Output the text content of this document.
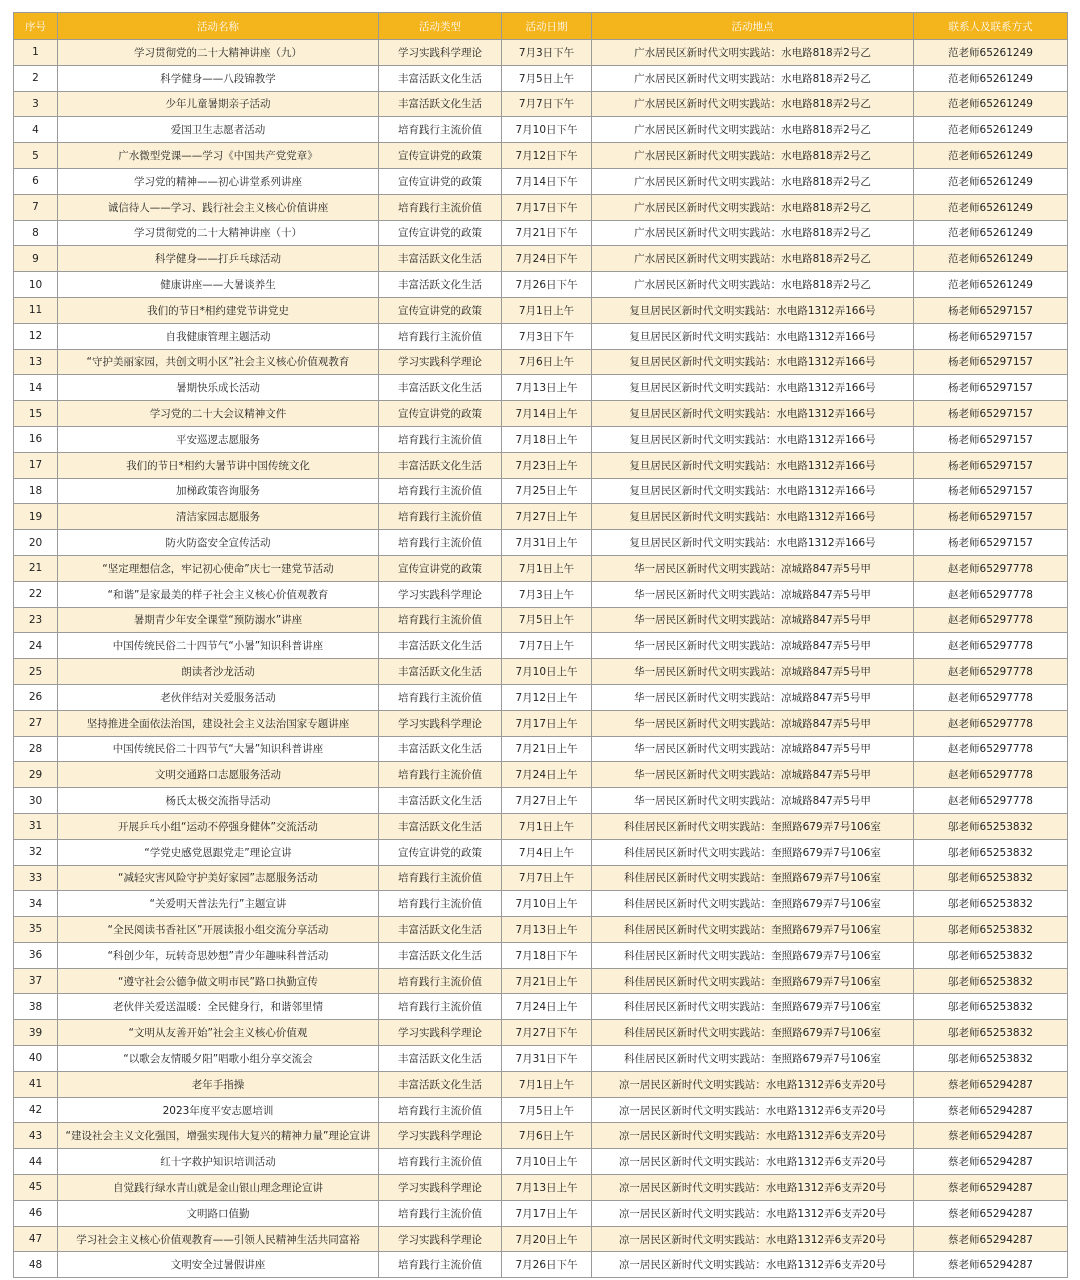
序号	活动名称	活动类型	活动日期	活动地点	联系人及联系方式
1	学习贯彻党的二十大精神讲座（九）	学习实践科学理论	7月3日下午	广水居民区新时代文明实践站：水电路818弄2号乙	范老师65261249
2	科学健身——八段锦教学	丰富活跃文化生活	7月5日上午	广水居民区新时代文明实践站：水电路818弄2号乙	范老师65261249
3	少年儿童暑期亲子活动	丰富活跃文化生活	7月7日下午	广水居民区新时代文明实践站：水电路818弄2号乙	范老师65261249
4	爱国卫生志愿者活动	培育践行主流价值	7月10日下午	广水居民区新时代文明实践站：水电路818弄2号乙	范老师65261249
5	广水微型党课——学习《中国共产党党章》	宣传宣讲党的政策	7月12日下午	广水居民区新时代文明实践站：水电路818弄2号乙	范老师65261249
6	学习党的精神——初心讲堂系列讲座	宣传宣讲党的政策	7月14日下午	广水居民区新时代文明实践站：水电路818弄2号乙	范老师65261249
7	诚信待人——学习、践行社会主义核心价值讲座	培育践行主流价值	7月17日下午	广水居民区新时代文明实践站：水电路818弄2号乙	范老师65261249
8	学习贯彻党的二十大精神讲座（十）	宣传宣讲党的政策	7月21日下午	广水居民区新时代文明实践站：水电路818弄2号乙	范老师65261249
9	科学健身——打乒乓球活动	丰富活跃文化生活	7月24日下午	广水居民区新时代文明实践站：水电路818弄2号乙	范老师65261249
10	健康讲座——大暑谈养生	丰富活跃文化生活	7月26日下午	广水居民区新时代文明实践站：水电路818弄2号乙	范老师65261249
11	我们的节日*相约建党节讲党史	宣传宣讲党的政策	7月1日上午	复旦居民区新时代文明实践站：水电路1312弄166号	杨老师65297157
12	自我健康管理主题活动	培育践行主流价值	7月3日下午	复旦居民区新时代文明实践站：水电路1312弄166号	杨老师65297157
13	“守护美丽家园，共创文明小区”社会主义核心价值观教育	学习实践科学理论	7月6日上午	复旦居民区新时代文明实践站：水电路1312弄166号	杨老师65297157
14	暑期快乐成长活动	丰富活跃文化生活	7月13日上午	复旦居民区新时代文明实践站：水电路1312弄166号	杨老师65297157
15	学习党的二十大会议精神文件	宣传宣讲党的政策	7月14日上午	复旦居民区新时代文明实践站：水电路1312弄166号	杨老师65297157
16	平安巡逻志愿服务	培育践行主流价值	7月18日上午	复旦居民区新时代文明实践站：水电路1312弄166号	杨老师65297157
17	我们的节日*相约大暑节讲中国传统文化	丰富活跃文化生活	7月23日上午	复旦居民区新时代文明实践站：水电路1312弄166号	杨老师65297157
18	加梯政策咨询服务	培育践行主流价值	7月25日上午	复旦居民区新时代文明实践站：水电路1312弄166号	杨老师65297157
19	清洁家园志愿服务	培育践行主流价值	7月27日上午	复旦居民区新时代文明实践站：水电路1312弄166号	杨老师65297157
20	防火防盗安全宣传活动	培育践行主流价值	7月31日上午	复旦居民区新时代文明实践站：水电路1312弄166号	杨老师65297157
21	“坚定理想信念，牢记初心使命”庆七一建党节活动	宣传宣讲党的政策	7月1日上午	华一居民区新时代文明实践站：凉城路847弄5号甲	赵老师65297778
22	“和谐”是家最美的样子社会主义核心价值观教育	学习实践科学理论	7月3日上午	华一居民区新时代文明实践站：凉城路847弄5号甲	赵老师65297778
23	暑期青少年安全课堂“预防溺水”讲座	培育践行主流价值	7月5日上午	华一居民区新时代文明实践站：凉城路847弄5号甲	赵老师65297778
24	中国传统民俗二十四节气“小暑”知识科普讲座	丰富活跃文化生活	7月7日上午	华一居民区新时代文明实践站：凉城路847弄5号甲	赵老师65297778
25	朗读者沙龙活动	丰富活跃文化生活	7月10日上午	华一居民区新时代文明实践站：凉城路847弄5号甲	赵老师65297778
26	老伙伴结对关爱服务活动	培育践行主流价值	7月12日上午	华一居民区新时代文明实践站：凉城路847弄5号甲	赵老师65297778
27	坚持推进全面依法治国，建设社会主义法治国家专题讲座	学习实践科学理论	7月17日上午	华一居民区新时代文明实践站：凉城路847弄5号甲	赵老师65297778
28	中国传统民俗二十四节气“大暑”知识科普讲座	丰富活跃文化生活	7月21日上午	华一居民区新时代文明实践站：凉城路847弄5号甲	赵老师65297778
29	文明交通路口志愿服务活动	培育践行主流价值	7月24日上午	华一居民区新时代文明实践站：凉城路847弄5号甲	赵老师65297778
30	杨氏太极交流指导活动	丰富活跃文化生活	7月27日上午	华一居民区新时代文明实践站：凉城路847弄5号甲	赵老师65297778
31	开展乒乓小组“运动不停强身健体”交流活动	丰富活跃文化生活	7月1日上午	科佳居民区新时代文明实践站：奎照路679弄7号106室	邬老师65253832
32	“学党史感党恩跟党走”理论宣讲	宣传宣讲党的政策	7月4日上午	科佳居民区新时代文明实践站：奎照路679弄7号106室	邬老师65253832
33	“减轻灾害风险守护美好家园”志愿服务活动	培育践行主流价值	7月7日上午	科佳居民区新时代文明实践站：奎照路679弄7号106室	邬老师65253832
34	“关爱明天普法先行”主题宣讲	培育践行主流价值	7月10日上午	科佳居民区新时代文明实践站：奎照路679弄7号106室	邬老师65253832
35	“全民阅读书香社区”开展读报小组交流分享活动	丰富活跃文化生活	7月13日上午	科佳居民区新时代文明实践站：奎照路679弄7号106室	邬老师65253832
36	“科创少年，玩转奇思妙想”青少年趣味科普活动	丰富活跃文化生活	7月18日下午	科佳居民区新时代文明实践站：奎照路679弄7号106室	邬老师65253832
37	“遵守社会公德争做文明市民”路口执勤宣传	培育践行主流价值	7月21日上午	科佳居民区新时代文明实践站：奎照路679弄7号106室	邬老师65253832
38	老伙伴关爱送温暖：全民健身行，和谐邻里情	培育践行主流价值	7月24日上午	科佳居民区新时代文明实践站：奎照路679弄7号106室	邬老师65253832
39	“文明从友善开始”社会主义核心价值观	学习实践科学理论	7月27日下午	科佳居民区新时代文明实践站：奎照路679弄7号106室	邬老师65253832
40	“以歌会友情暖夕阳”唱歌小组分享交流会	丰富活跃文化生活	7月31日下午	科佳居民区新时代文明实践站：奎照路679弄7号106室	邬老师65253832
41	老年手指操	丰富活跃文化生活	7月1日上午	凉一居民区新时代文明实践站：水电路1312弄6支弄20号	蔡老师65294287
42	2023年度平安志愿培训	培育践行主流价值	7月5日上午	凉一居民区新时代文明实践站：水电路1312弄6支弄20号	蔡老师65294287
43	“建设社会主义文化强国，增强实现伟大复兴的精神力量”理论宣讲	学习实践科学理论	7月6日上午	凉一居民区新时代文明实践站：水电路1312弄6支弄20号	蔡老师65294287
44	红十字救护知识培训活动	培育践行主流价值	7月10日上午	凉一居民区新时代文明实践站：水电路1312弄6支弄20号	蔡老师65294287
45	自觉践行绿水青山就是金山银山理念理论宣讲	学习实践科学理论	7月13日上午	凉一居民区新时代文明实践站：水电路1312弄6支弄20号	蔡老师65294287
46	文明路口值勤	培育践行主流价值	7月17日上午	凉一居民区新时代文明实践站：水电路1312弄6支弄20号	蔡老师65294287
47	学习社会主义核心价值观教育——引领人民精神生活共同富裕	学习实践科学理论	7月20日上午	凉一居民区新时代文明实践站：水电路1312弄6支弄20号	蔡老师65294287
48	文明安全过暑假讲座	培育践行主流价值	7月26日下午	凉一居民区新时代文明实践站：水电路1312弄6支弄20号	蔡老师65294287
